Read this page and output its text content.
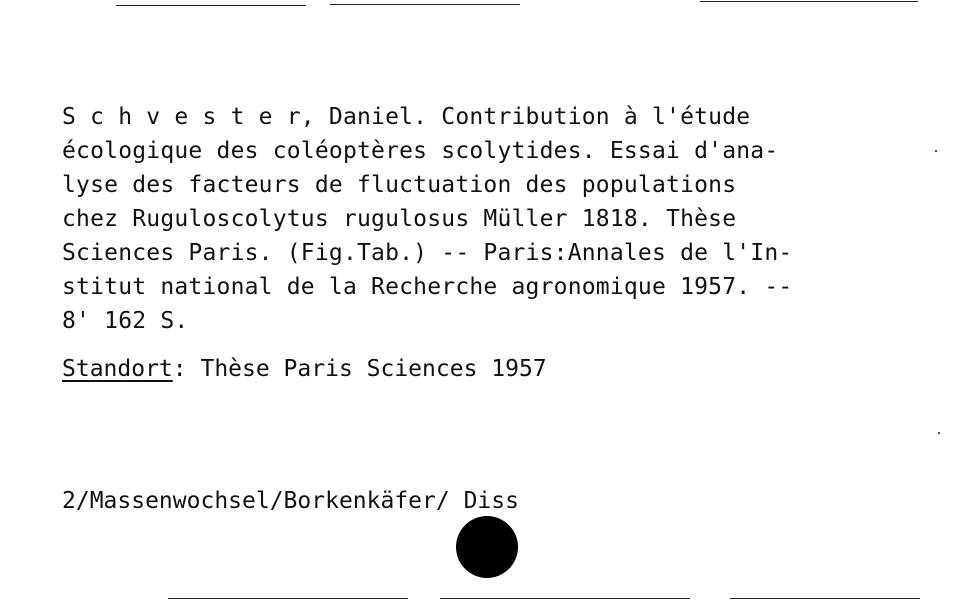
S c h v e s t e r, Daniel. Contribution à l'étude
écologique des coléoptères scolytides. Essai d'ana-
lyse des facteurs de fluctuation des populations
chez Ruguloscolytus rugulosus Müller 1818. Thèse
Sciences Paris. (Fig.Tab.) -- Paris:Annales de l'In-
stitut national de la Recherche agronomique 1957. --
8' 162 S.
Standort: Thèse Paris Sciences 1957
2/Massenwochsel/Borkenkäfer/ Diss
